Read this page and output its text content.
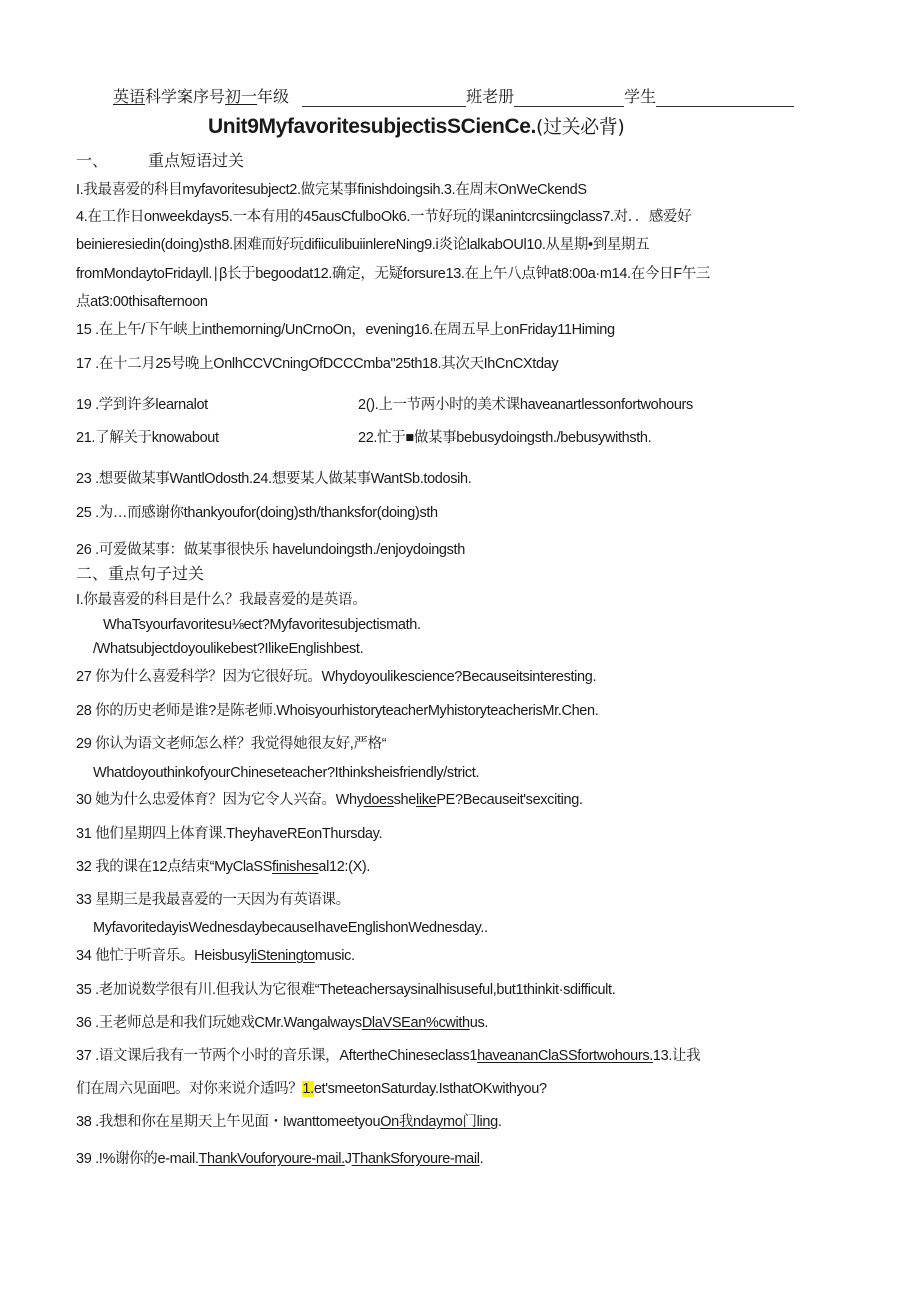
英语科学案序号初一年级	班老册	学生
Unit9MyfavoritesubjectisSCienCe.(过关必背)
一、	重点短语过关
I.我最喜爱的科目myfavoritesubject2.做完某事finishdoingsih.3.在周末OnWeCkendS
4.在工作日onweekdays5.一本有用的45ausCfulboOk6.一节好玩的课anintcrcsiingclass7.对．．感爱好
beinieresiedin(doing)sth8.困难而好玩difiiculibuiinlereNing9.i炎论lalkabOUl10.从星期•到星期五
fromMondaytoFridayll.∣β长于begoodat12.确定，无疑forsure13.在上午八点钟at8:00a·m14.在今日F午三
点at3:00thisafternoon
15 .在上午/下午峡上inthemorning/UnCrnoOn，evening16.在周五早上onFriday11Himing
17 .在十二月25号晚上OnlhCCVCningOfDCCCmba"25th18.其次天IhCnCXtday
19 .学到许多learnalot	2().上一节两小时的美术课haveanartlessonfortwohours
21.了解关于knowabout	22.忙于■做某事bebusydoingsth./bebusywithsth.
23 .想要做某事WantlOdosth.24.想要某人做某事WantSb.todosih.
25 .为…而感谢你thankyoufor(doing)sth/thanksfor(doing)sth
26 .可爱做某事：做某事很快乐 havelundoingsth./enjoydoingsth
二、重点句子过关
I.你最喜爱的科目是什么？我最喜爱的是英语。
WhaTsyourfavoritesu⅛ect?Myfavoritesubjectismath.
/Whatsubjectdoyoulikebest?IlikeEnglishbest.
27 你为什么喜爱科学？因为它很好玩。Whydoyoulikescience?Becauseitsinteresting.
28 你的历史老师是谁?是陈老师.WhoisyourhistoryteacherMyhistoryteacherisMr.Chen.
29 你认为语文老师怎么样？我觉得她很友好,严格“
WhatdoyouthinkofyourChineseteacher?Ithinksheisfriendly/strict.
30 她为什么忠爱体育？因为它令人兴奋。WhydoesshelikePE?Becauseit'sexciting.
31 他们星期四上体育课.TheyhaveREonThursday.
32 我的课在12点结束“MyClaSSfinishesal12:(X).
33 星期三是我最喜爱的一天因为有英语课。
MyfavoritedayisWednesdaybecauseIhaveEnglishonWednesday..
34 他忙于听音乐。HeisbusyliSteningtomusic.
35 .老加说数学很有川.但我认为它很难“Theteachersaysinalhisuseful,but1thinkit·sdifficult.
36 .王老师总是和我们玩她戏CMr.WangalwaysDlaVSEan%cwithus.
37 .语文课后我有一节两个小时的音乐课，AftertheChineseclass1haveananClaSSfortwohours.13.让我
们在周六见面吧。对你来说介适吗？1.et'smeetonSaturday.IsthatOKwithyou?
38 .我想和你在星期天上午见面・IwanttomeetyouOn我ndaymo门ling.
39 .!%谢你的e-mail.ThankVouforyoure-mail.JThankSforyoure-mail.
